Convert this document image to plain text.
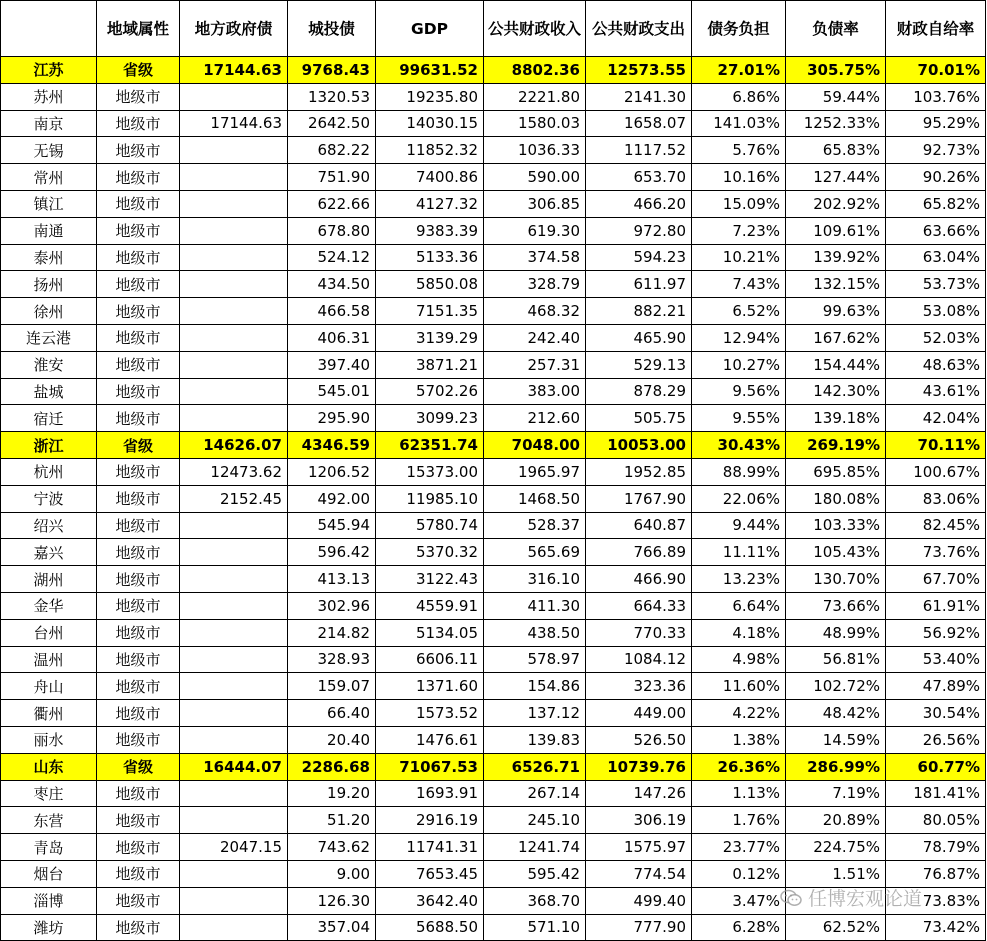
	地域属性	地方政府债	城投债	GDP	公共财政收入	公共财政支出	债务负担	负债率	财政自给率
江苏	省级	17144.63	9768.43	99631.52	8802.36	12573.55	27.01%	305.75%	70.01%
苏州	地级市		1320.53	19235.80	2221.80	2141.30	6.86%	59.44%	103.76%
南京	地级市	17144.63	2642.50	14030.15	1580.03	1658.07	141.03%	1252.33%	95.29%
无锡	地级市		682.22	11852.32	1036.33	1117.52	5.76%	65.83%	92.73%
常州	地级市		751.90	7400.86	590.00	653.70	10.16%	127.44%	90.26%
镇江	地级市		622.66	4127.32	306.85	466.20	15.09%	202.92%	65.82%
南通	地级市		678.80	9383.39	619.30	972.80	7.23%	109.61%	63.66%
泰州	地级市		524.12	5133.36	374.58	594.23	10.21%	139.92%	63.04%
扬州	地级市		434.50	5850.08	328.79	611.97	7.43%	132.15%	53.73%
徐州	地级市		466.58	7151.35	468.32	882.21	6.52%	99.63%	53.08%
连云港	地级市		406.31	3139.29	242.40	465.90	12.94%	167.62%	52.03%
淮安	地级市		397.40	3871.21	257.31	529.13	10.27%	154.44%	48.63%
盐城	地级市		545.01	5702.26	383.00	878.29	9.56%	142.30%	43.61%
宿迁	地级市		295.90	3099.23	212.60	505.75	9.55%	139.18%	42.04%
浙江	省级	14626.07	4346.59	62351.74	7048.00	10053.00	30.43%	269.19%	70.11%
杭州	地级市	12473.62	1206.52	15373.00	1965.97	1952.85	88.99%	695.85%	100.67%
宁波	地级市	2152.45	492.00	11985.10	1468.50	1767.90	22.06%	180.08%	83.06%
绍兴	地级市		545.94	5780.74	528.37	640.87	9.44%	103.33%	82.45%
嘉兴	地级市		596.42	5370.32	565.69	766.89	11.11%	105.43%	73.76%
湖州	地级市		413.13	3122.43	316.10	466.90	13.23%	130.70%	67.70%
金华	地级市		302.96	4559.91	411.30	664.33	6.64%	73.66%	61.91%
台州	地级市		214.82	5134.05	438.50	770.33	4.18%	48.99%	56.92%
温州	地级市		328.93	6606.11	578.97	1084.12	4.98%	56.81%	53.40%
舟山	地级市		159.07	1371.60	154.86	323.36	11.60%	102.72%	47.89%
衢州	地级市		66.40	1573.52	137.12	449.00	4.22%	48.42%	30.54%
丽水	地级市		20.40	1476.61	139.83	526.50	1.38%	14.59%	26.56%
山东	省级	16444.07	2286.68	71067.53	6526.71	10739.76	26.36%	286.99%	60.77%
枣庄	地级市		19.20	1693.91	267.14	147.26	1.13%	7.19%	181.41%
东营	地级市		51.20	2916.19	245.10	306.19	1.76%	20.89%	80.05%
青岛	地级市	2047.15	743.62	11741.31	1241.74	1575.97	23.77%	224.75%	78.79%
烟台	地级市		9.00	7653.45	595.42	774.54	0.12%	1.51%	76.87%
淄博	地级市		126.30	3642.40	368.70	499.40	3.47%		73.83%
潍坊	地级市		357.04	5688.50	571.10	777.90	6.28%	62.52%	73.42%
任博宏观论道
